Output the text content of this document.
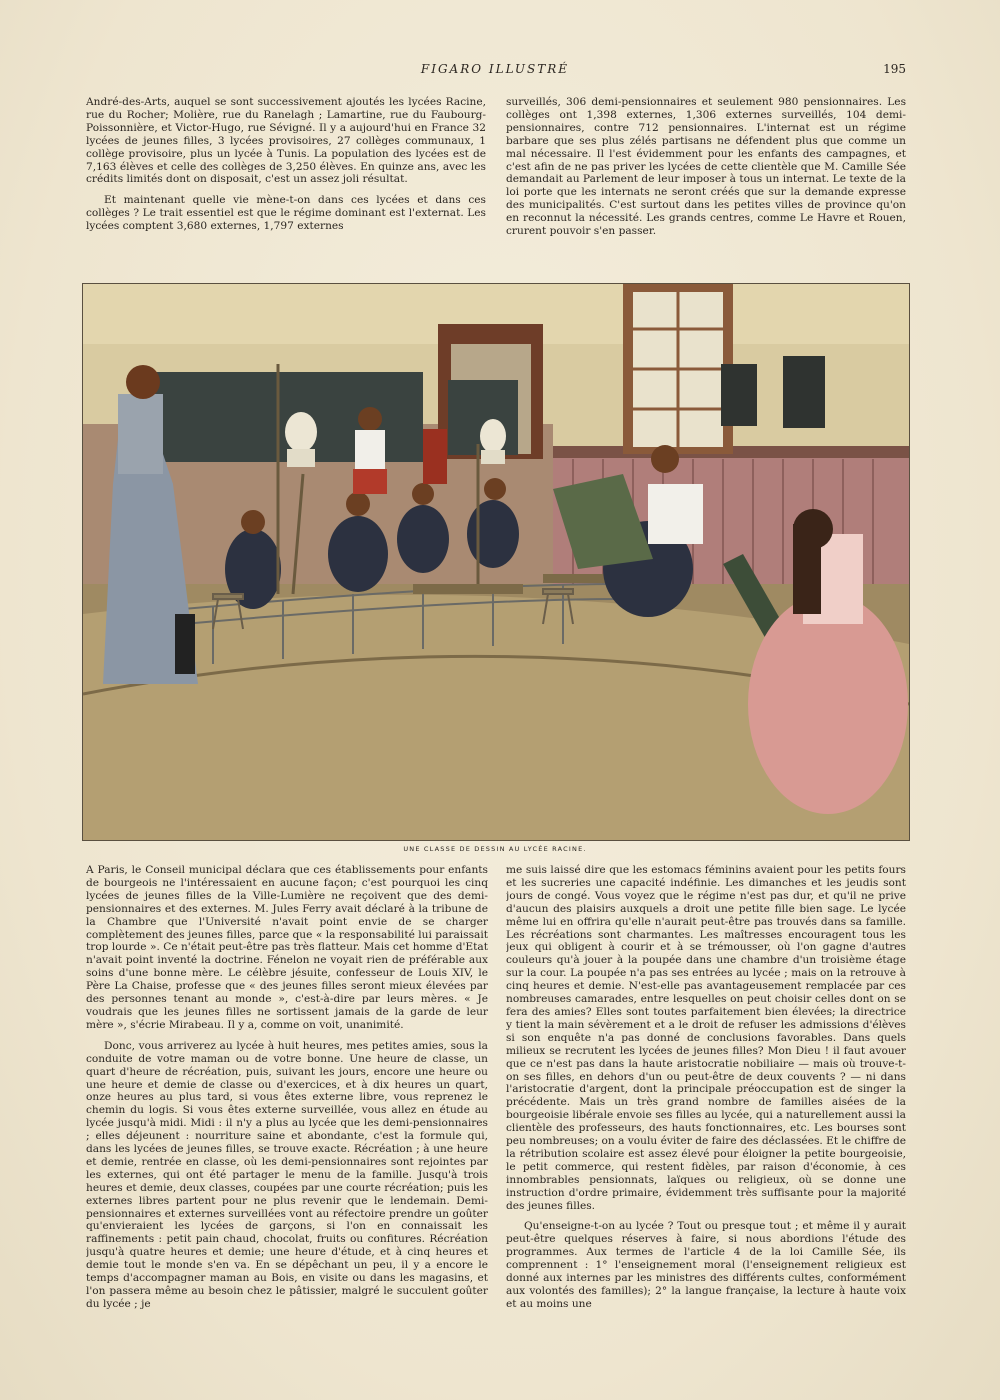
FIGARO ILLUSTRÉ	195

André-des-Arts, auquel se sont successivement ajoutés les lycées Racine, rue du Rocher; Molière, rue du Ranelagh ; Lamartine, rue du Faubourg-Poissonnière, et Victor-Hugo, rue Sévigné. Il y a aujourd'hui en France 32 lycées de jeunes filles, 3 lycées provisoires, 27 collèges communaux, 1 collège provisoire, plus un lycée à Tunis. La population des lycées est de 7,163 élèves et celle des collèges de 3,250 élèves. En quinze ans, avec les crédits limités dont on disposait, c'est un assez joli résultat.

Et maintenant quelle vie mène-t-on dans ces lycées et dans ces collèges ? Le trait essentiel est que le régime dominant est l'externat. Les lycées comptent 3,680 externes, 1,797 externes

surveillés, 306 demi-pensionnaires et seulement 980 pensionnaires. Les collèges ont 1,398 externes, 1,306 externes surveillés, 104 demi-pensionnaires, contre 712 pensionnaires. L'internat est un régime barbare que ses plus zélés partisans ne défendent plus que comme un mal nécessaire. Il l'est évidemment pour les enfants des campagnes, et c'est afin de ne pas priver les lycées de cette clientèle que M. Camille Sée demandait au Parlement de leur imposer à tous un internat. Le texte de la loi porte que les internats ne seront créés que sur la demande expresse des municipalités. C'est surtout dans les petites villes de province qu'on en reconnut la nécessité. Les grands centres, comme Le Havre et Rouen, crurent pouvoir s'en passer.

UNE CLASSE DE DESSIN AU LYCÉE RACINE.

A Paris, le Conseil municipal déclara que ces établissements pour enfants de bourgeois ne l'intéressaient en aucune façon; c'est pourquoi les cinq lycées de jeunes filles de la Ville-Lumière ne reçoivent que des demi-pensionnaires et des externes. M. Jules Ferry avait déclaré à la tribune de la Chambre que l'Université n'avait point envie de se charger complètement des jeunes filles, parce que « la responsabilité lui paraissait trop lourde ». Ce n'était peut-être pas très flatteur. Mais cet homme d'Etat n'avait point inventé la doctrine. Fénelon ne voyait rien de préférable aux soins d'une bonne mère. Le célèbre jésuite, confesseur de Louis XIV, le Père La Chaise, professe que « des jeunes filles seront mieux élevées par des personnes tenant au monde », c'est-à-dire par leurs mères. « Je voudrais que les jeunes filles ne sortissent jamais de la garde de leur mère », s'écrie Mirabeau. Il y a, comme on voit, unanimité.

Donc, vous arriverez au lycée à huit heures, mes petites amies, sous la conduite de votre maman ou de votre bonne. Une heure de classe, un quart d'heure de récréation, puis, suivant les jours, encore une heure ou une heure et demie de classe ou d'exercices, et à dix heures un quart, onze heures au plus tard, si vous êtes externe libre, vous reprenez le chemin du logis. Si vous êtes externe surveillée, vous allez en étude au lycée jusqu'à midi. Midi : il n'y a plus au lycée que les demi-pensionnaires ; elles déjeunent : nourriture saine et abondante, c'est la formule qui, dans les lycées de jeunes filles, se trouve exacte. Récréation ; à une heure et demie, rentrée en classe, où les demi-pensionnaires sont rejointes par les externes, qui ont été partager le menu de la famille. Jusqu'à trois heures et demie, deux classes, coupées par une courte récréation; puis les externes libres partent pour ne plus revenir que le lendemain. Demi-pensionnaires et externes surveillées vont au réfectoire prendre un goûter qu'envieraient les lycées de garçons, si l'on en connaissait les raffinements : petit pain chaud, chocolat, fruits ou confitures. Récréation jusqu'à quatre heures et demie; une heure d'étude, et à cinq heures et demie tout le monde s'en va. En se dépêchant un peu, il y a encore le temps d'accompagner maman au Bois, en visite ou dans les magasins, et l'on passera même au besoin chez le pâtissier, malgré le succulent goûter du lycée ; je

me suis laissé dire que les estomacs féminins avaient pour les petits fours et les sucreries une capacité indéfinie. Les dimanches et les jeudis sont jours de congé. Vous voyez que le régime n'est pas dur, et qu'il ne prive d'aucun des plaisirs auxquels a droit une petite fille bien sage. Le lycée même lui en offrira qu'elle n'aurait peut-être pas trouvés dans sa famille. Les récréations sont charmantes. Les maîtresses encouragent tous les jeux qui obligent à courir et à se trémousser, où l'on gagne d'autres couleurs qu'à jouer à la poupée dans une chambre d'un troisième étage sur la cour. La poupée n'a pas ses entrées au lycée ; mais on la retrouve à cinq heures et demie. N'est-elle pas avantageusement remplacée par ces nombreuses camarades, entre lesquelles on peut choisir celles dont on se fera des amies? Elles sont toutes parfaitement bien élevées; la directrice y tient la main sévèrement et a le droit de refuser les admissions d'élèves si son enquête n'a pas donné de conclusions favorables. Dans quels milieux se recrutent les lycées de jeunes filles? Mon Dieu ! il faut avouer que ce n'est pas dans la haute aristocratie nobiliaire — mais où trouve-t-on ses filles, en dehors d'un ou peut-être de deux couvents ? — ni dans l'aristocratie d'argent, dont la principale préoccupation est de singer la précédente. Mais un très grand nombre de familles aisées de la bourgeoisie libérale envoie ses filles au lycée, qui a naturellement aussi la clientèle des professeurs, des hauts fonctionnaires, etc. Les bourses sont peu nombreuses; on a voulu éviter de faire des déclassées. Et le chiffre de la rétribution scolaire est assez élevé pour éloigner la petite bourgeoisie, le petit commerce, qui restent fidèles, par raison d'économie, à ces innombrables pensionnats, laïques ou religieux, où se donne une instruction d'ordre primaire, évidemment très suffisante pour la majorité des jeunes filles.

Qu'enseigne-t-on au lycée ? Tout ou presque tout ; et même il y aurait peut-être quelques réserves à faire, si nous abordions l'étude des programmes. Aux termes de l'article 4 de la loi Camille Sée, ils comprennent : 1° l'enseignement moral (l'enseignement religieux est donné aux internes par les ministres des différents cultes, conformément aux volontés des familles); 2° la langue française, la lecture à haute voix et au moins une
